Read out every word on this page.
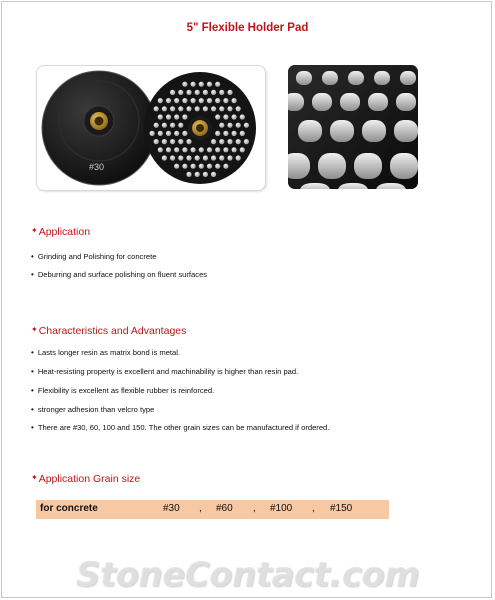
5" Flexible Holder Pad
#30
✦Application
• Grinding and Polishing for concrete
• Deburring and surface polishing on fluent surfaces
✦Characteristics and Advantages
• Lasts longer resin as matrix bond is metal.
• Heat-resisting property is excellent and machinability is higher than resin pad.
• Flexibility is excellent as flexible rubber is reinforced.
• stronger adhesion than velcro type
• There are #30, 60, 100 and 150. The other grain sizes can be manufactured if ordered.
✦Application Grain size
for concrete	#30 , #60 , #100 , #150
StoneContact.com
